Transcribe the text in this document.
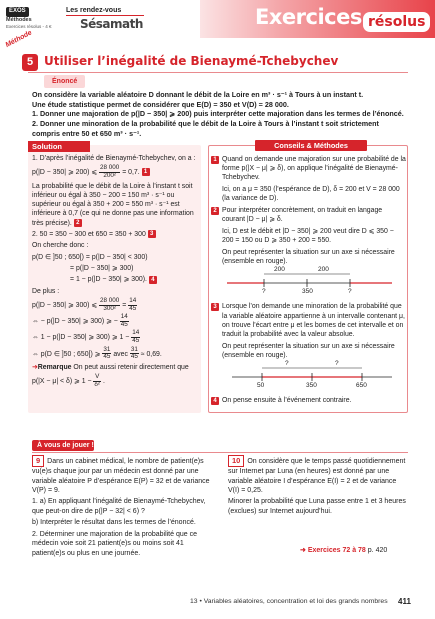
EXOS
Méthodes
Exercices résolus - 4 €
Les rendez-vous
Sésamath	Exercices résolus
Méthode
5 Utiliser l’inégalité de Bienaymé-Tchebychev
Énoncé
On considère la variable aléatoire D donnant le débit de la Loire en m³ · s⁻¹ à Tours à un instant t.
Une étude statistique permet de considérer que E(D) = 350 et V(D) = 28 000.
1. Donner une majoration de p(|D − 350| ⩾ 200) puis interpréter cette majoration dans les termes de l’énoncé.
2. Donner une minoration de la probabilité que le débit de la Loire à Tours à l’instant t soit strictement compris entre 50 et 650 m³ · s⁻¹.
Solution

1. D’après l’inégalité de Bienaymé-Tchebychev, on a :

p(|D − 350| ⩾ 200) ⩽ $\frac{28 000}{\text{200²}} = 0,7$. 1

La probabilité que le débit de la Loire à l’instant t soit inférieur ou égal à 350 − 200 = 150 m³ · s⁻¹ ou supérieur ou égal à 350 + 200 = 550 m³ · s⁻¹ est inférieure à 0,7 (ce qui ne donne pas une information très précise). 2

2. 50 = 350 − 300 et 650 = 350 + 300 3

On cherche donc :

p(D ∈ ]50 ; 650[) = p(|D − 350| < 300)
= p(|D − 350| ⩾ 300)
= 1 − p(|D − 350| ⩾ 300). 4

De plus :

p(|D − 350| ⩾ 300) ⩽ $\frac{28 000}{\text{300²}} = \frac{14}{45}$
⇔ − p(|D − 350| ⩾ 300) ⩾ − $\frac{14}{45}$
⇔ 1 − p(|D − 350| ⩾ 300) ⩾ $1 - \frac{14}{45}$
⇔ p(D ∈ ]50 ; 650[) ⩾ $\frac{31}{45}$ avec $\frac{31}{45} \approx 0,69$.

➜Remarque On peut aussi retenir directement que

p(|X − μ| < δ) ⩾ $1 - \frac{V}{\text{δ²}}$ .
Conseils & Méthodes

1 Quand on demande une majoration sur une probabilité de la forme p(|X − μ| ⩾ δ), on applique l’inégalité de Bienaymé-Tchebychev.

Ici, on a μ = 350 (l’espérance de D), δ = 200 et V = 28 000 (la variance de D).

2 Pour interpréter concrètement, on traduit en langage courant |D − μ| ⩾ δ.

Ici, D est le débit et |D − 350| ⩾ 200 veut dire D ⩽ 350 − 200 = 150 ou D ⩾ 350 + 200 = 550.

On peut représenter la situation sur un axe si nécessaire (ensemble en rouge).

200	200
?	350	?

3 Lorsque l’on demande une minoration de la probabilité que la variable aléatoire appartienne à un intervalle contenant μ, on trouve l’écart entre μ et les bornes de cet intervalle et on traduit la probabilité avec la valeur absolue.

On peut représenter la situation sur un axe si nécessaire (ensemble en rouge).

?	?
50	350	650

4 On pense ensuite à l’événement contraire.

À vous de jouer !

9 Dans un cabinet médical, le nombre de patient(e)s vu(e)s chaque jour par un médecin est donné par une variable aléatoire P d’espérance E(P) = 32 et de variance V(P) = 9.

1. a) En appliquant l’inégalité de Bienaymé-Tchebychev, que peut-on dire de p(|P − 32| < 6) ?

b) Interpréter le résultat dans les termes de l’énoncé.

2. Déterminer une majoration de la probabilité que ce médecin voie soit 21 patient(e)s ou moins soit 41 patient(e)s ou plus en une journée.

10 On considère que le temps passé quotidiennement sur Internet par Luna (en heures) est donné par une variable aléatoire I d’espérance E(I) = 2 et de variance V(I) = 0,25.

Minorer la probabilité que Luna passe entre 1 et 3 heures (exclues) sur Internet aujourd’hui.

➜ Exercices 72 à 78 p. 420
13 • Variables aléatoires, concentration et loi des grands nombres 411
